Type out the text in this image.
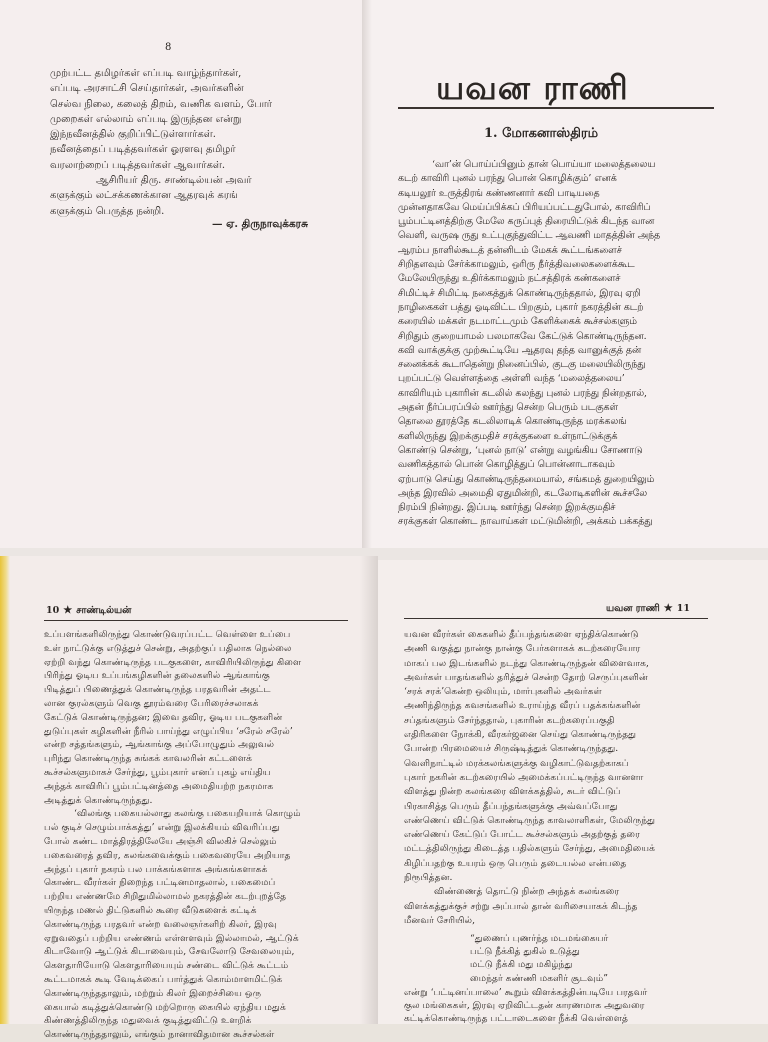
8
முற்பட்ட தமிழர்கள் எப்படி வாழ்ந்தார்கள்,
எப்படி அரசாட்சி செய்தார்கள், அவர்களின்
செல்வ நிலை, கலைத் திறம், வணிக வளம், போர்
முறைகள் எல்லாம் எப்படி இருந்தன என்று
இந்நவீனத்தில் குறிப்பிட்டுள்ளார்கள்.
நவீனத்தைப் படித்தவர்கள் ஓரளவு தமிழர்
வரலாற்றைப் படித்தவர்கள் ஆவார்கள்.
ஆசிரியர் திரு. சாண்டில்யன் அவர்
களுக்கும் லட்சக்கணக்கான ஆதரவுக் கரங்
களுக்கும் பெருத்த நன்றி.
— ஏ. திருநாவுக்கரசு
யவன ராணி
1. மோகனாஸ்திரம்
‘வா’ன் பொய்ப்பினும் தான் பொய்யா மலைத்தலைய
கடற் காவிரி புனல் பரந்து பொன் கொழிக்கும்’ எனக்
கடியலூர் உருத்திரங் கண்ணனார் கவி பாடியதை
முன்னதாகவே மெய்ப்பிக்கப் பிரியப்பட்டதுபோல், காவிரிப்
பூம்பட்டினத்திற்கு மேலே கருப்புத் திரையிட்டுக் கிடந்த வான
வெளி, வருஷ ருது உட்புகுந்துவிட்ட ஆவணி மாதத்தின் அந்த
ஆரம்ப நாளில்கூடத் தன்னிடம் மேகக் கூட்டங்களைச்
சிறிதளவும் சேர்க்காமலும், ஒரிரு நீர்த்திவலைகளைக்கூட
மேலேயிருந்து உதிர்க்காமலும் நட்சத்திரக் கண்களைச்
சிமிட்டிச் சிமிட்டி நகைத்துக் கொண்டிருந்ததால், இரவு ஏறி
நாழிகைகள் பத்து ஓடிவிட்ட பிறகும், புகார் நகரத்தின் கடற்
கரையில் மக்கள் நடமாட்டமும் கேளிக்கைக் கூச்சல்களும்
சிறிதும் குறையாமல் பலமாகவே கேட்டுக் கொண்டிருந்தன.
கவி வாக்குக்கு முற்கூட்டியே ஆதரவு தந்த வானுக்குத் தன்
சனைக்கக் கூடாதென்று நினைப்பில், குடகு மலையிலிருந்து
புறப்பட்டு வெள்ளத்தை அள்ளி வந்த ‘மலைத்தலைய’
காவிரியும் புகாரின் கடலில் கலந்து புனல் பரந்து நின்றதால்,
அதன் நீர்ப்பரப்பில் ஊர்ந்து சென்ற பெரும் படகுகள்
தொலை தூரத்தே கடலிலாடிக் கொண்டிருந்த மரக்கலங்
களிலிருந்து இறக்குமதிச் சரக்குகளை உள்நாட்டுக்குக்
கொண்டு சென்று, ‘புனல் நாடு’ என்று வழங்கிய சோணாடு
வணிகத்தால் பொன் கொழித்துப் பொன்னாடாகவும்
ஏற்பாடு செய்து கொண்டிருந்தமையால், சங்கமத் துறையிலும்
அந்த இரவில் அமைதி ஏதுமின்றி, கடலோடிகளின் கூச்சலே
நிரம்பி நின்றது. இப்படி ஊர்ந்து சென்ற இறக்குமதிச்
சரக்குகள் கொண்ட நாவாய்கள் மட்டுமின்றி, அக்கம் பக்கத்து
10 ★ சாண்டில்யன்
உப்பளங்களிலிருந்து கொண்டுவரப்பட்ட வெள்ளை உப்பை
உள் நாட்டுக்கு எடுத்துச் சென்று, அதற்குப் பதிலாக நெல்லை
ஏற்றி வந்து கொண்டிருந்த படகுகளை, காவிரியிலிருந்து கிளை
பிரிந்து ஓடிய உப்பங்கழிகளின் தலைகளில் ஆங்காங்கு
பிடித்துப் பிணைத்துக் கொண்டிருந்த பரதவரின் அதட்ட
லான குரல்களும் வெகு தூரம்வரை பேரிரைச்சலாகக்
கேட்டுக் கொண்டிருந்தன; இவை தவிர, ஓடிய படகுகளின்
துடுப்புகள் கழிகளின் நீரில் பாய்ந்து எழுப்பிய ‘சரேல் சரேல்’
என்ற சத்தங்களும், ஆங்காங்கு அப்போழுதும் அலுவல்
புரிந்து கொண்டிருந்த சுங்கக் காவலரின் கட்டளைக்
கூச்சல்களுமாகச் சேர்ந்து, பூம்புகார் எனப் புகழ் எய்திய
அந்தக் காவிரிப் பூம்பட்டினத்தை அமைதியற்ற நகரமாக
அடித்துக் கொண்டிருந்தது.
‘விலங்கு பகையல்லாது கலங்கு பகையறியாக் கொழும்
பல் குடிச் செழும்பாக்கத்து’ என்று இலக்கியம் விவரிப்பது
போல் கண்ட மாத்திரத்திலேயே அஞ்சி விலகிச் செல்லும்
பகைவரைத் தவிர, கலங்கவைக்கும் பகைவரையே அறியாத
அந்தப் புகார் நகரம் பல பாக்கங்களாக அங்கங்களாகக்
கொண்ட வீரர்கள் நிறைந்த பட்டினமாதலால், பகைமைப்
பற்றிய எண்ணமே சிறிதுமில்லாமல் நகரத்தின் கடற்புறத்தே
யிருந்த மணல் திட்டுகளில் கூரை வீடுகளைக் கட்டிக்
கொண்டிருந்த பரதவர் என்ற வலைஞர்களிற் கிலர், இரவு
ஏறுவதைப் பற்றிய எண்ணம் எள்ளளவும் இல்லாமல், ஆட்டுக்
கிடாவோடு ஆட்டுக் கிடாவையும், சேவலோடு சேவலையும்,
கௌதாரியோடு கௌதாரியையும் சண்டை விட்டுக் கூட்டம்
கூட்டமாகக் கூடி வேடிக்கைப் பார்த்துக் கொம்மாளமிட்டுக்
கொண்டிருந்ததாலும், மற்றும் கிலர் இறைச்சியை ஒரு
கையால் கடித்துக்கொண்டு மற்றொரு கையில் ஏந்திய மதுக்
கிண்ணத்திலிருந்த மதுவைக் குடித்துவிட்டு உளறிக்
கொண்டிருந்ததாலும், எங்கும் நானாவிதமான கூச்சல்கள்
யவன ராணி ★ 11
யவன வீரர்கள் கைகளில் தீப்பந்தங்களை ஏந்திக்கொண்டு
அணி வகுத்து நான்கு நான்கு பேர்களாகக் கடற்கரையோர
மாகப் பல இடங்களில் நடந்து கொண்டிருந்தன் விளைவாக,
அவர்கள் பாதங்களில் தரித்துச் சென்ற தோற் செருப்புகளின்
‘சரக் சரக்’கென்ற ஒலியும், மார்புகளில் அவர்கள்
அணிந்திருந்த கவசங்களில் உராய்ந்த வீரப் பதக்கங்களின்
சப்தங்களும் சேர்ந்ததால், புகாரின் கடற்கரைப்பகுதி
எதிரிகளை நோக்கி, வீரகர்ஜனை செய்து கொண்டிருந்தது
போன்ற பிரமையைச் சிருஷ்டித்துக் கொண்டிருந்தது.
வெளிநாட்டில் மரக்கலங்களுக்கு வழிகாட்டுவதற்காகப்
புகார் நகரின் கடற்கரையில் அமைக்கப்பட்டிருந்த வானளா
விளத்து நின்ற கலங்கரை விளக்கத்தில், சுடர் விட்டுப்
பிரகாசித்த பெரும் தீப்பந்தங்களுக்கு அவ்வப்போது
எண்ணெய் விட்டுக் கொண்டிருந்த காவலாளிகள், மேலிருந்து
எண்ணெய் கேட்டுப் போட்ட கூச்சல்களும் அதற்குத் தரை
மட்டத்திலிருந்து கிடைத்த பதில்களும் சேர்ந்து, அமைதியைக்
கிழிப்பதற்கு உயரம் ஒரு பெரும் தடையல்ல என்பதை
நிரூபித்தன.
விண்ணைத் தொட்டு நின்ற அந்தக் கலங்கரை
விளக்கத்துக்குச் சற்று அப்பால் தான் வரிசையாகக் கிடந்த
மீனவர் சேரியில்,
“துணைப் புணர்ந்த மடமங்கையர்
பட்டு நீக்கித் துகில் உடுத்து
மட்டு நீக்கி மது மகிழ்ந்து
மைந்தர் கண்ணி மகளிர் சூடவும்”
என்று ‘பட்டினப்பாலை’ கூறும் விளக்கத்தின்படியே பரதவர்
குல மங்கைகள், இரவு ஏறிவிட்டதன் காரணமாக அதுவரை
கட்டிக்கொண்டிருந்த பட்டாடைகளை நீக்கி வெள்ளைத்
